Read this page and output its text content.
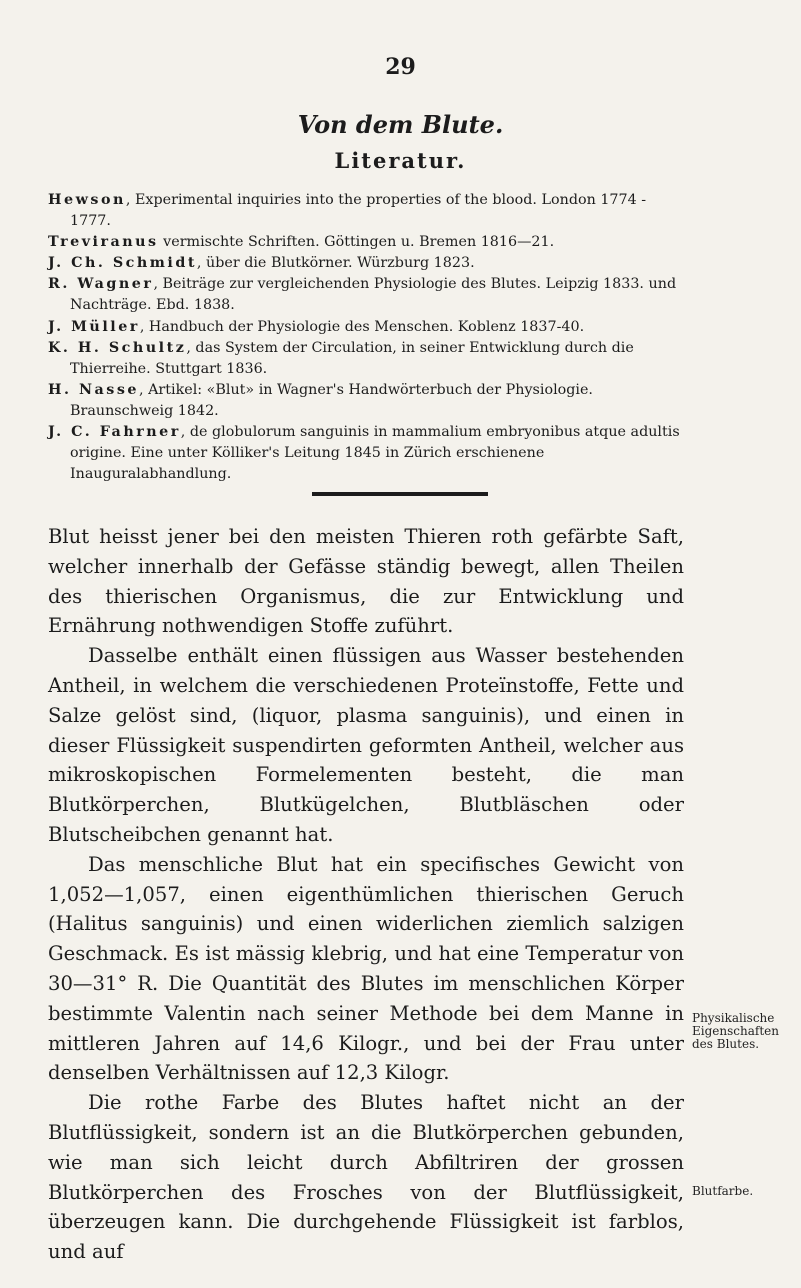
29
Von dem Blute.
Literatur.

Hewson, Experimental inquiries into the properties of the blood. London 1774 - 1777.

Treviranus vermischte Schriften. Göttingen u. Bremen 1816—21.

J. Ch. Schmidt, über die Blutkörner. Würzburg 1823.

R. Wagner, Beiträge zur vergleichenden Physiologie des Blutes. Leipzig 1833. und Nachträge. Ebd. 1838.

J. Müller, Handbuch der Physiologie des Menschen. Koblenz 1837-40.

K. H. Schultz, das System der Circulation, in seiner Entwicklung durch die Thierreihe. Stuttgart 1836.

H. Nasse, Artikel: «Blut» in Wagner's Handwörterbuch der Physiologie. Braunschweig 1842.

J. C. Fahrner, de globulorum sanguinis in mammalium embryonibus atque adultis origine. Eine unter Kölliker's Leitung 1845 in Zürich erschienene Inauguralabhandlung.

Blut heisst jener bei den meisten Thieren roth gefärbte Saft, welcher innerhalb der Gefässe ständig bewegt, allen Theilen des thierischen Organismus, die zur Entwicklung und Ernährung nothwendigen Stoffe zuführt.

Dasselbe enthält einen flüssigen aus Wasser bestehenden Antheil, in welchem die verschiedenen Proteïnstoffe, Fette und Salze gelöst sind, (liquor, plasma sanguinis), und einen in dieser Flüssigkeit suspendirten geformten Antheil, welcher aus mikroskopischen Formelementen besteht, die man Blutkörperchen, Blutkügelchen, Blutbläschen oder Blutscheibchen genannt hat.

Das menschliche Blut hat ein specifisches Gewicht von 1,052—1,057, einen eigenthümlichen thierischen Geruch (Halitus sanguinis) und einen widerlichen ziemlich salzigen Geschmack. Es ist mässig klebrig, und hat eine Temperatur von 30—31° R. Die Quantität des Blutes im menschlichen Körper bestimmte Valentin nach seiner Methode bei dem Manne in mittleren Jahren auf 14,6 Kilogr., und bei der Frau unter denselben Verhältnissen auf 12,3 Kilogr.

Die rothe Farbe des Blutes haftet nicht an der Blutflüssigkeit, sondern ist an die Blutkörperchen gebunden, wie man sich leicht durch Abfiltriren der grossen Blutkörperchen des Frosches von der Blutflüssigkeit, überzeugen kann. Die durchgehende Flüssigkeit ist farblos, und auf

Physikalische Eigenschaften des Blutes.
Blutfarbe.
